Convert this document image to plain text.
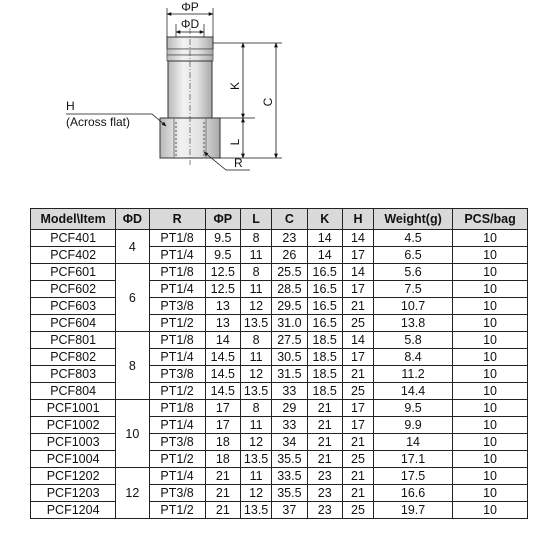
ΦP
ΦD
K
C
L
H
(Across flat)
R
Model\Item	ΦD	R	ΦP	L	C	K	H	Weight(g)	PCS/bag
PCF401	4	PT1/8	9.5	8	23	14	14	4.5	10
PCF402		PT1/4	9.5	11	26	14	17	6.5	10
PCF601	6	PT1/8	12.5	8	25.5	16.5	14	5.6	10
PCF602		PT1/4	12.5	11	28.5	16.5	17	7.5	10
PCF603		PT3/8	13	12	29.5	16.5	21	10.7	10
PCF604		PT1/2	13	13.5	31.0	16.5	25	13.8	10
PCF801	8	PT1/8	14	8	27.5	18.5	14	5.8	10
PCF802		PT1/4	14.5	11	30.5	18.5	17	8.4	10
PCF803		PT3/8	14.5	12	31.5	18.5	21	11.2	10
PCF804		PT1/2	14.5	13.5	33	18.5	25	14.4	10
PCF1001	10	PT1/8	17	8	29	21	17	9.5	10
PCF1002		PT1/4	17	11	33	21	17	9.9	10
PCF1003		PT3/8	18	12	34	21	21	14	10
PCF1004		PT1/2	18	13.5	35.5	21	25	17.1	10
PCF1202	12	PT1/4	21	11	33.5	23	21	17.5	10
PCF1203		PT3/8	21	12	35.5	23	21	16.6	10
PCF1204		PT1/2	21	13.5	37	23	25	19.7	10
